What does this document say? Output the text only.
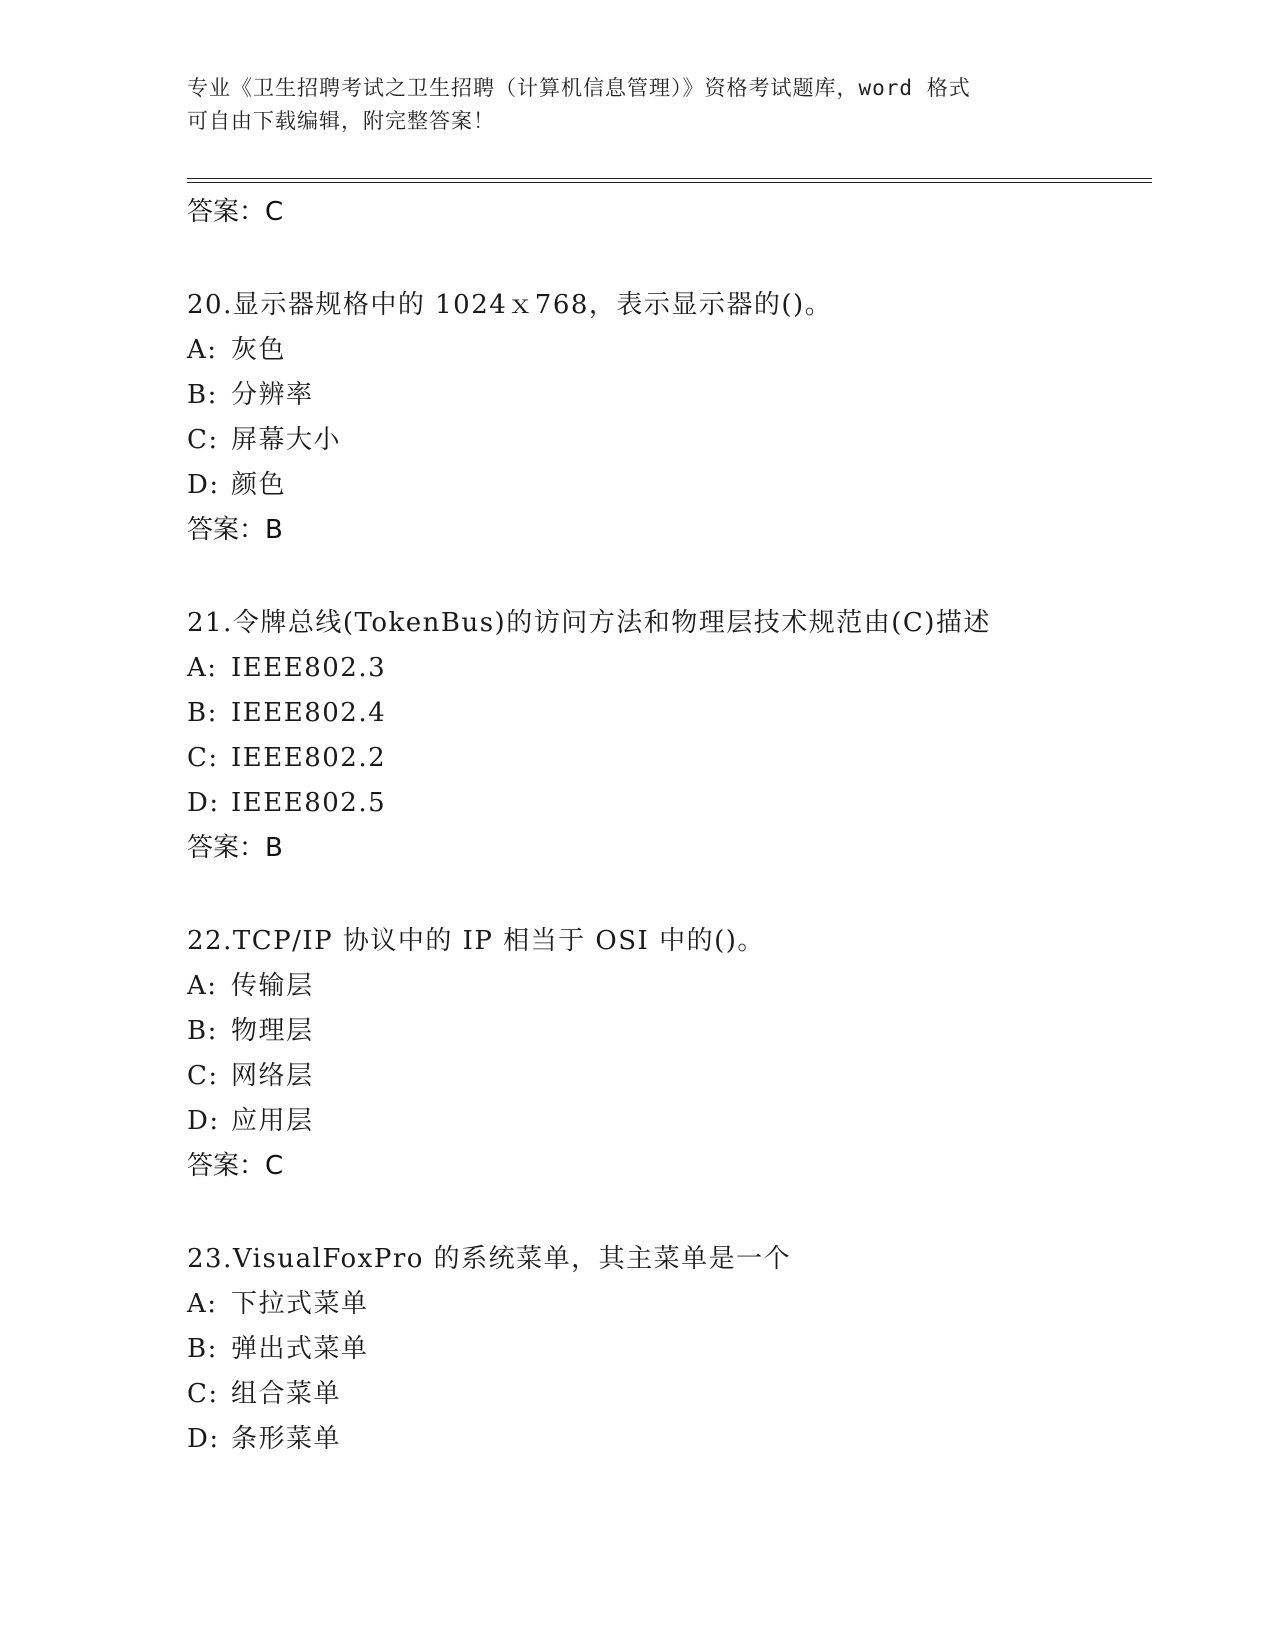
专业《卫生招聘考试之卫生招聘（计算机信息管理）》资格考试题库，word 格式
可自由下载编辑，附完整答案！
答案：C
20.显示器规格中的 1024ｘ768，表示显示器的()。
A: 灰色
B: 分辨率
C: 屏幕大小
D: 颜色
答案：B
21.令牌总线(TokenBus)的访问方法和物理层技术规范由(C)描述
A: IEEE802.3
B: IEEE802.4
C: IEEE802.2
D: IEEE802.5
答案：B
22.TCP/IP 协议中的 IP 相当于 OSI 中的()。
A: 传输层
B: 物理层
C: 网络层
D: 应用层
答案：C
23.VisualFoxPro 的系统菜单，其主菜单是一个
A: 下拉式菜单
B: 弹出式菜单
C: 组合菜单
D: 条形菜单
